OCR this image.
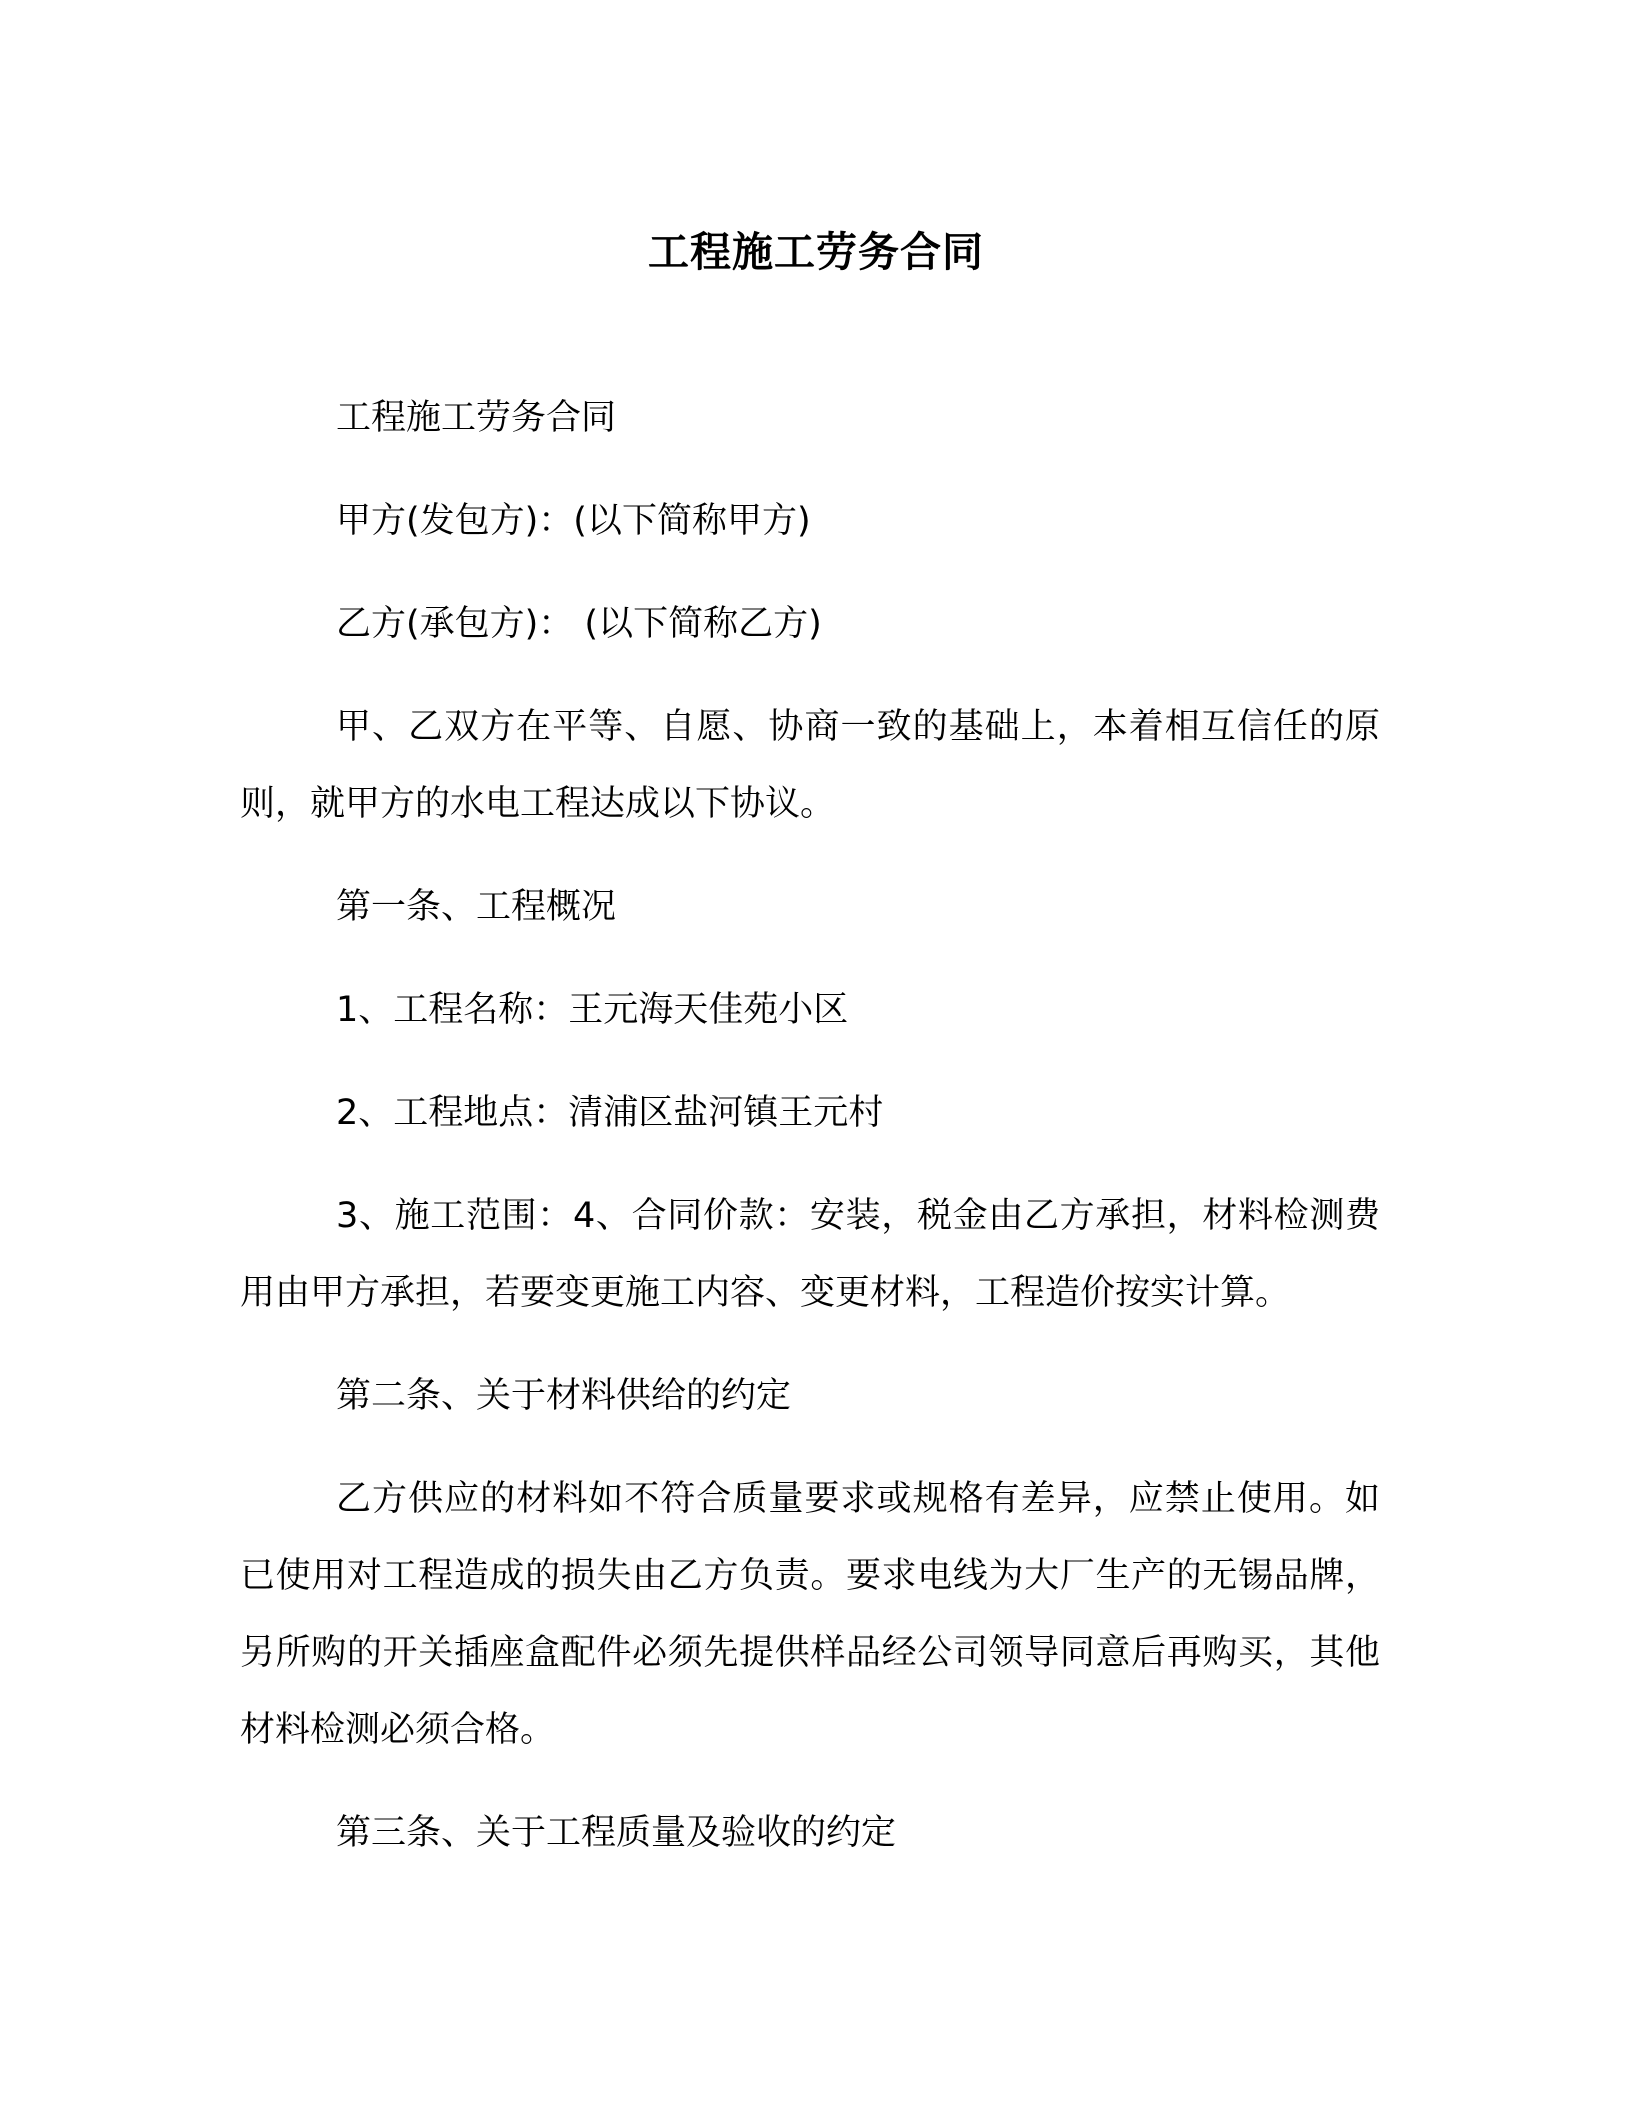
工程施工劳务合同

工程施工劳务合同

甲方(发包方)：(以下简称甲方)

乙方(承包方)： (以下简称乙方)

甲、乙双方在平等、自愿、协商一致的基础上，本着相互信任的原则，就甲方的水电工程达成以下协议。

第一条、工程概况

1、工程名称：王元海天佳苑小区

2、工程地点：清浦区盐河镇王元村

3、施工范围：4、合同价款：安装，税金由乙方承担，材料检测费用由甲方承担，若要变更施工内容、变更材料，工程造价按实计算。

第二条、关于材料供给的约定

乙方供应的材料如不符合质量要求或规格有差异，应禁止使用。如已使用对工程造成的损失由乙方负责。要求电线为大厂生产的无锡品牌，另所购的开关插座盒配件必须先提供样品经公司领导同意后再购买，其他材料检测必须合格。

第三条、关于工程质量及验收的约定
